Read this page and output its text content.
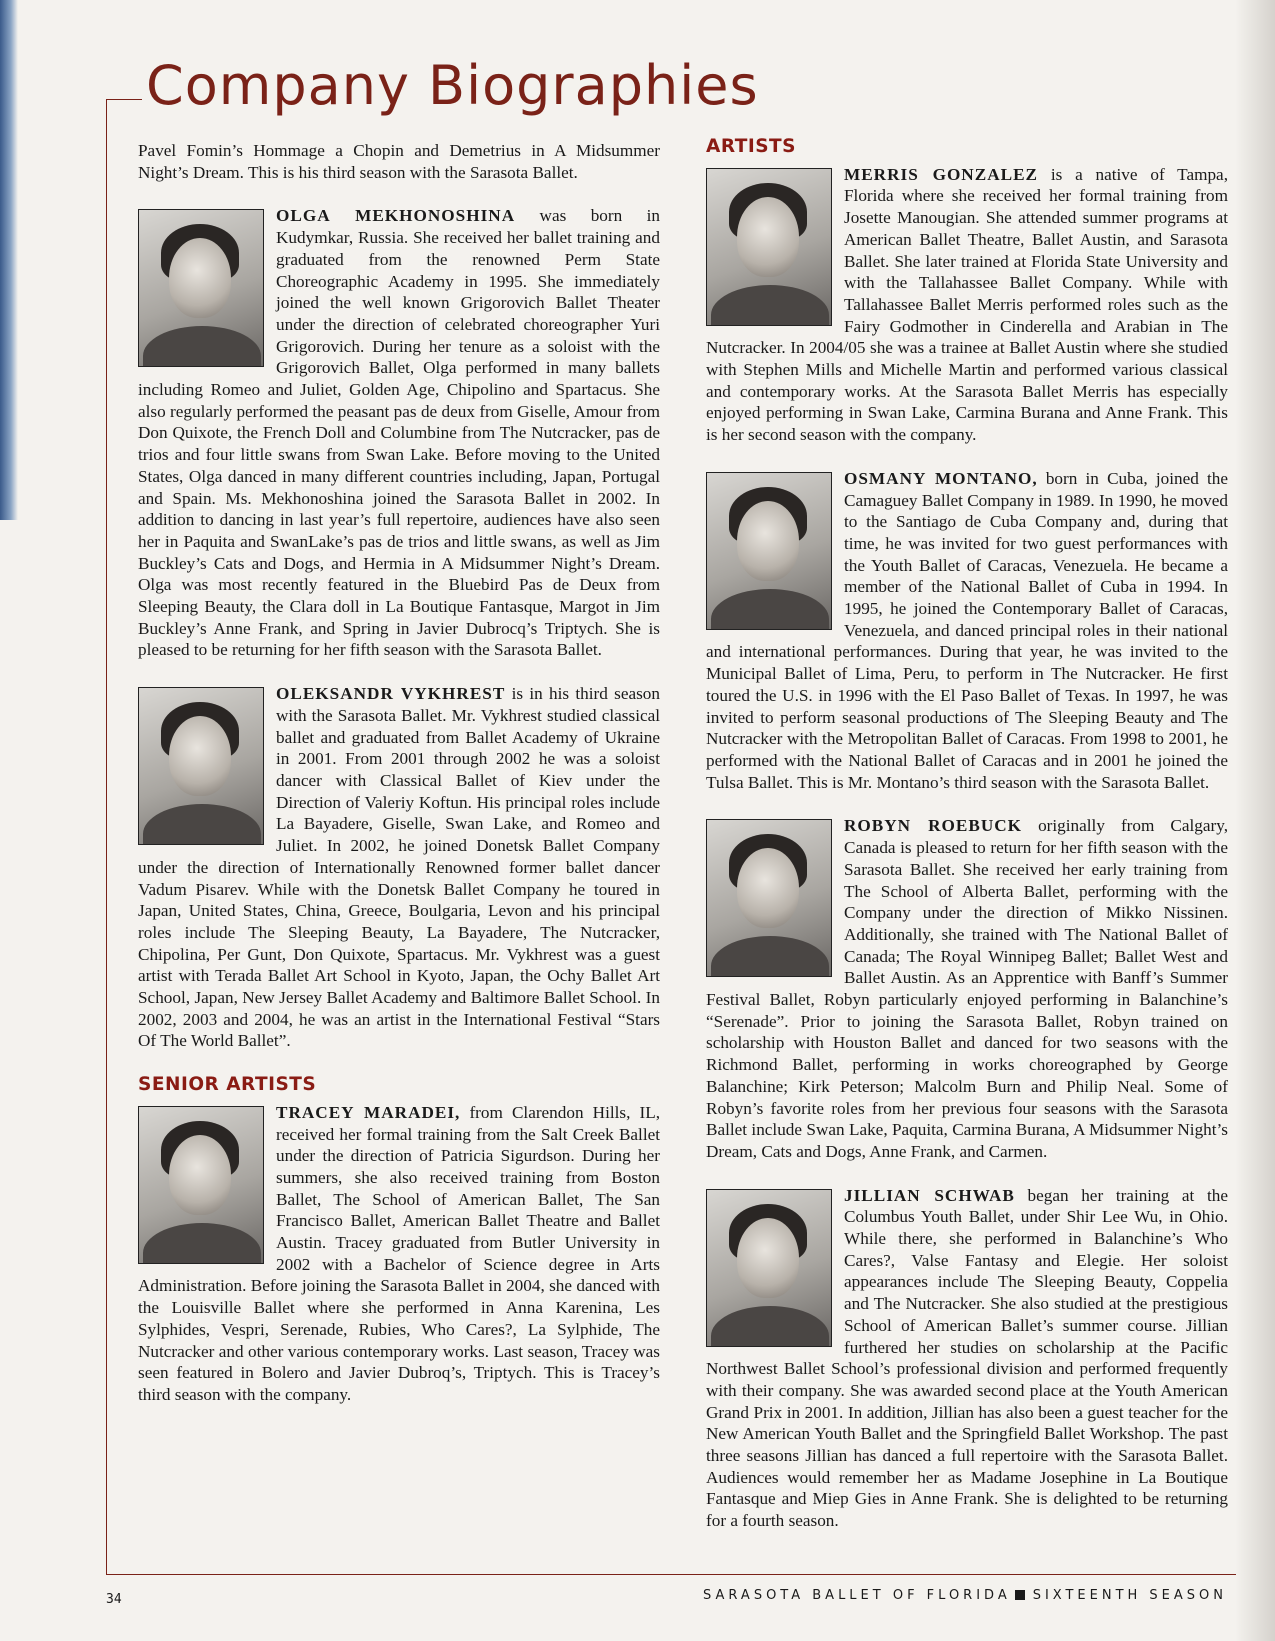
Company Biographies

Pavel Fomin’s Hommage a Chopin and Demetrius in A Midsummer Night’s Dream. This is his third season with the Sarasota Ballet.

OLGA MEKHONOSHINA was born in Kudymkar, Russia. She received her ballet training and graduated from the renowned Perm State Choreographic Academy in 1995. She immediately joined the well known Grigorovich Ballet Theater under the direction of celebrated choreographer Yuri Grigorovich. During her tenure as a soloist with the Grigorovich Ballet, Olga performed in many ballets including Romeo and Juliet, Golden Age, Chipolino and Spartacus. She also regularly performed the peasant pas de deux from Giselle, Amour from Don Quixote, the French Doll and Columbine from The Nutcracker, pas de trios and four little swans from Swan Lake. Before moving to the United States, Olga danced in many different countries including, Japan, Portugal and Spain. Ms. Mekhonoshina joined the Sarasota Ballet in 2002. In addition to dancing in last year’s full repertoire, audiences have also seen her in Paquita and SwanLake’s pas de trios and little swans, as well as Jim Buckley’s Cats and Dogs, and Hermia in A Midsummer Night’s Dream. Olga was most recently featured in the Bluebird Pas de Deux from Sleeping Beauty, the Clara doll in La Boutique Fantasque, Margot in Jim Buckley’s Anne Frank, and Spring in Javier Dubrocq’s Triptych. She is pleased to be returning for her fifth season with the Sarasota Ballet.

OLEKSANDR VYKHREST is in his third season with the Sarasota Ballet. Mr. Vykhrest studied classical ballet and graduated from Ballet Academy of Ukraine in 2001. From 2001 through 2002 he was a soloist dancer with Classical Ballet of Kiev under the Direction of Valeriy Koftun. His principal roles include La Bayadere, Giselle, Swan Lake, and Romeo and Juliet. In 2002, he joined Donetsk Ballet Company under the direction of Internationally Renowned former ballet dancer Vadum Pisarev. While with the Donetsk Ballet Company he toured in Japan, United States, China, Greece, Boulgaria, Levon and his principal roles include The Sleeping Beauty, La Bayadere, The Nutcracker, Chipolina, Per Gunt, Don Quixote, Spartacus. Mr. Vykhrest was a guest artist with Terada Ballet Art School in Kyoto, Japan, the Ochy Ballet Art School, Japan, New Jersey Ballet Academy and Baltimore Ballet School. In 2002, 2003 and 2004, he was an artist in the International Festival “Stars Of The World Ballet”.

SENIOR ARTISTS

TRACEY MARADEI, from Clarendon Hills, IL, received her formal training from the Salt Creek Ballet under the direction of Patricia Sigurdson. During her summers, she also received training from Boston Ballet, The School of American Ballet, The San Francisco Ballet, American Ballet Theatre and Ballet Austin. Tracey graduated from Butler University in 2002 with a Bachelor of Science degree in Arts Administration. Before joining the Sarasota Ballet in 2004, she danced with the Louisville Ballet where she performed in Anna Karenina, Les Sylphides, Vespri, Serenade, Rubies, Who Cares?, La Sylphide, The Nutcracker and other various contemporary works. Last season, Tracey was seen featured in Bolero and Javier Dubroq’s, Triptych. This is Tracey’s third season with the company.

ARTISTS

MERRIS GONZALEZ is a native of Tampa, Florida where she received her formal training from Josette Manougian. She attended summer programs at American Ballet Theatre, Ballet Austin, and Sarasota Ballet. She later trained at Florida State University and with the Tallahassee Ballet Company. While with Tallahassee Ballet Merris performed roles such as the Fairy Godmother in Cinderella and Arabian in The Nutcracker. In 2004/05 she was a trainee at Ballet Austin where she studied with Stephen Mills and Michelle Martin and performed various classical and contemporary works. At the Sarasota Ballet Merris has especially enjoyed performing in Swan Lake, Carmina Burana and Anne Frank. This is her second season with the company.

OSMANY MONTANO, born in Cuba, joined the Camaguey Ballet Company in 1989. In 1990, he moved to the Santiago de Cuba Company and, during that time, he was invited for two guest performances with the Youth Ballet of Caracas, Venezuela. He became a member of the National Ballet of Cuba in 1994. In 1995, he joined the Contemporary Ballet of Caracas, Venezuela, and danced principal roles in their national and international performances. During that year, he was invited to the Municipal Ballet of Lima, Peru, to perform in The Nutcracker. He first toured the U.S. in 1996 with the El Paso Ballet of Texas. In 1997, he was invited to perform seasonal productions of The Sleeping Beauty and The Nutcracker with the Metropolitan Ballet of Caracas. From 1998 to 2001, he performed with the National Ballet of Caracas and in 2001 he joined the Tulsa Ballet. This is Mr. Montano’s third season with the Sarasota Ballet.

ROBYN ROEBUCK originally from Calgary, Canada is pleased to return for her fifth season with the Sarasota Ballet. She received her early training from The School of Alberta Ballet, performing with the Company under the direction of Mikko Nissinen. Additionally, she trained with The National Ballet of Canada; The Royal Winnipeg Ballet; Ballet West and Ballet Austin. As an Apprentice with Banff’s Summer Festival Ballet, Robyn particularly enjoyed performing in Balanchine’s “Serenade”. Prior to joining the Sarasota Ballet, Robyn trained on scholarship with Houston Ballet and danced for two seasons with the Richmond Ballet, performing in works choreographed by George Balanchine; Kirk Peterson; Malcolm Burn and Philip Neal. Some of Robyn’s favorite roles from her previous four seasons with the Sarasota Ballet include Swan Lake, Paquita, Carmina Burana, A Midsummer Night’s Dream, Cats and Dogs, Anne Frank, and Carmen.

JILLIAN SCHWAB began her training at the Columbus Youth Ballet, under Shir Lee Wu, in Ohio. While there, she performed in Balanchine’s Who Cares?, Valse Fantasy and Elegie. Her soloist appearances include The Sleeping Beauty, Coppelia and The Nutcracker. She also studied at the prestigious School of American Ballet’s summer course. Jillian furthered her studies on scholarship at the Pacific Northwest Ballet School’s professional division and performed frequently with their company. She was awarded second place at the Youth American Grand Prix in 2001. In addition, Jillian has also been a guest teacher for the New American Youth Ballet and the Springfield Ballet Workshop. The past three seasons Jillian has danced a full repertoire with the Sarasota Ballet. Audiences would remember her as Madame Josephine in La Boutique Fantasque and Miep Gies in Anne Frank. She is delighted to be returning for a fourth season.

34	SARASOTA BALLET OF FLORIDA SIXTEENTH SEASON
